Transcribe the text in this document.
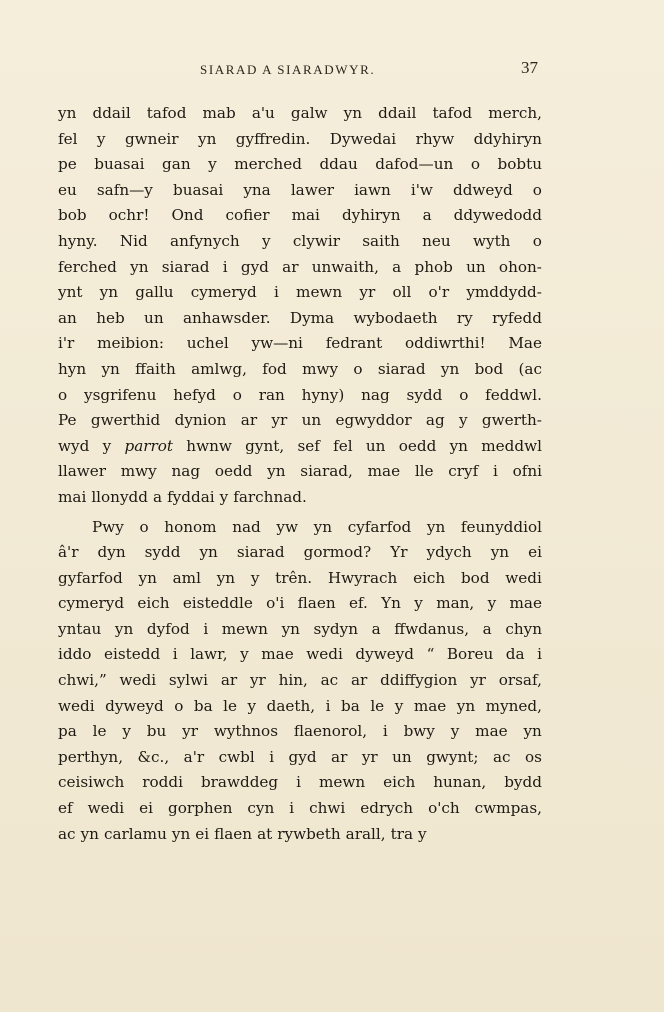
SIARAD A SIARADWYR.	37
yn ddail tafod mab a'u galw yn ddail tafod merch,
fel y gwneir yn gyffredin. Dywedai rhyw ddyhiryn
pe buasai gan y merched ddau dafod—un o bobtu
eu safn—y buasai yna lawer iawn i'w ddweyd o
bob ochr! Ond cofier mai dyhiryn a ddywedodd
hyny. Nid anfynych y clywir saith neu wyth o
ferched yn siarad i gyd ar unwaith, a phob un ohon-
ynt yn gallu cymeryd i mewn yr oll o'r ymddydd-
an heb un anhawsder. Dyma wybodaeth ry ryfedd
i'r meibion: uchel yw—ni fedrant oddiwrthi! Mae
hyn yn ffaith amlwg, fod mwy o siarad yn bod (ac
o ysgrifenu hefyd o ran hyny) nag sydd o feddwl.
Pe gwerthid dynion ar yr un egwyddor ag y gwerth-
wyd y parrot hwnw gynt, sef fel un oedd yn meddwl
llawer mwy nag oedd yn siarad, mae lle cryf i ofni
mai llonydd a fyddai y farchnad.
Pwy o honom nad yw yn cyfarfod yn feunyddiol
â'r dyn sydd yn siarad gormod? Yr ydych yn ei
gyfarfod yn aml yn y trên. Hwyrach eich bod wedi
cymeryd eich eisteddle o'i flaen ef. Yn y man, y mae
yntau yn dyfod i mewn yn sydyn a ffwdanus, a chyn
iddo eistedd i lawr, y mae wedi dyweyd “ Boreu da i
chwi,” wedi sylwi ar yr hin, ac ar ddiffygion yr orsaf,
wedi dyweyd o ba le y daeth, i ba le y mae yn myned,
pa le y bu yr wythnos flaenorol, i bwy y mae yn
perthyn, &c., a'r cwbl i gyd ar yr un gwynt; ac os
ceisiwch roddi brawddeg i mewn eich hunan, bydd
ef wedi ei gorphen cyn i chwi edrych o'ch cwmpas,
ac yn carlamu yn ei flaen at rywbeth arall, tra y
